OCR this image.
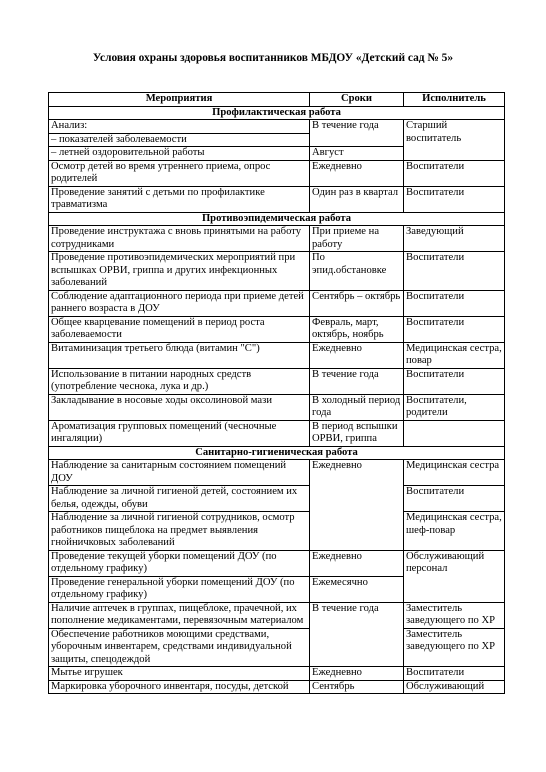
Условия охраны здоровья воспитанников МБДОУ «Детский сад № 5»
Мероприятия	Сроки	Исполнитель
Профилактическая работа		
Анализ:	В течение года	Старший воспитатель
– показателей заболеваемости		
– летней оздоровительной работы	Август	
Осмотр детей во время утреннего приема, опрос родителей	Ежедневно	Воспитатели
Проведение занятий с детьми по профилактике травматизма	Один раз в квартал	Воспитатели
Противоэпидемическая работа		
Проведение инструктажа с вновь принятыми на работу сотрудниками	При приеме на работу	Заведующий
Проведение противоэпидемических мероприятий при вспышках ОРВИ, гриппа и других инфекционных заболеваний	По эпид.обстановке	Воспитатели
Соблюдение адаптационного периода при приеме детей раннего возраста в ДОУ	Сентябрь – октябрь	Воспитатели
Общее кварцевание помещений в период роста заболеваемости	Февраль, март, октябрь, ноябрь	Воспитатели
Витаминизация третьего блюда (витамин "С")	Ежедневно	Медицинская сестра, повар
Использование в питании народных средств (употребление чеснока, лука и др.)	В течение года	Воспитатели
Закладывание в носовые ходы оксолиновой мази	В холодный период года	Воспитатели, родители
Ароматизация групповых помещений (чесночные ингаляции)	В период вспышки ОРВИ, гриппа	
Санитарно-гигиеническая работа		
Наблюдение за санитарным состоянием помещений ДОУ	Ежедневно	Медицинская сестра
Наблюдение за личной гигиеной детей, состоянием их белья, одежды, обуви		Воспитатели
Наблюдение за личной гигиеной сотрудников, осмотр работников пищеблока на предмет выявления гнойничковых заболеваний		Медицинская сестра, шеф-повар
Проведение текущей уборки помещений ДОУ (по отдельному графику)	Ежедневно	Обслуживающий персонал
Проведение генеральной уборки помещений ДОУ (по отдельному графику)	Ежемесячно	
Наличие аптечек в группах, пищеблоке, прачечной, их пополнение медикаментами, перевязочным материалом	В течение года	Заместитель заведующего по ХР
Обеспечение работников моющими средствами, уборочным инвентарем, средствами индивидуальной защиты, спецодеждой		Заместитель заведующего по ХР
Мытье игрушек	Ежедневно	Воспитатели
Маркировка уборочного инвентаря, посуды, детской	Сентябрь	Обслуживающий
